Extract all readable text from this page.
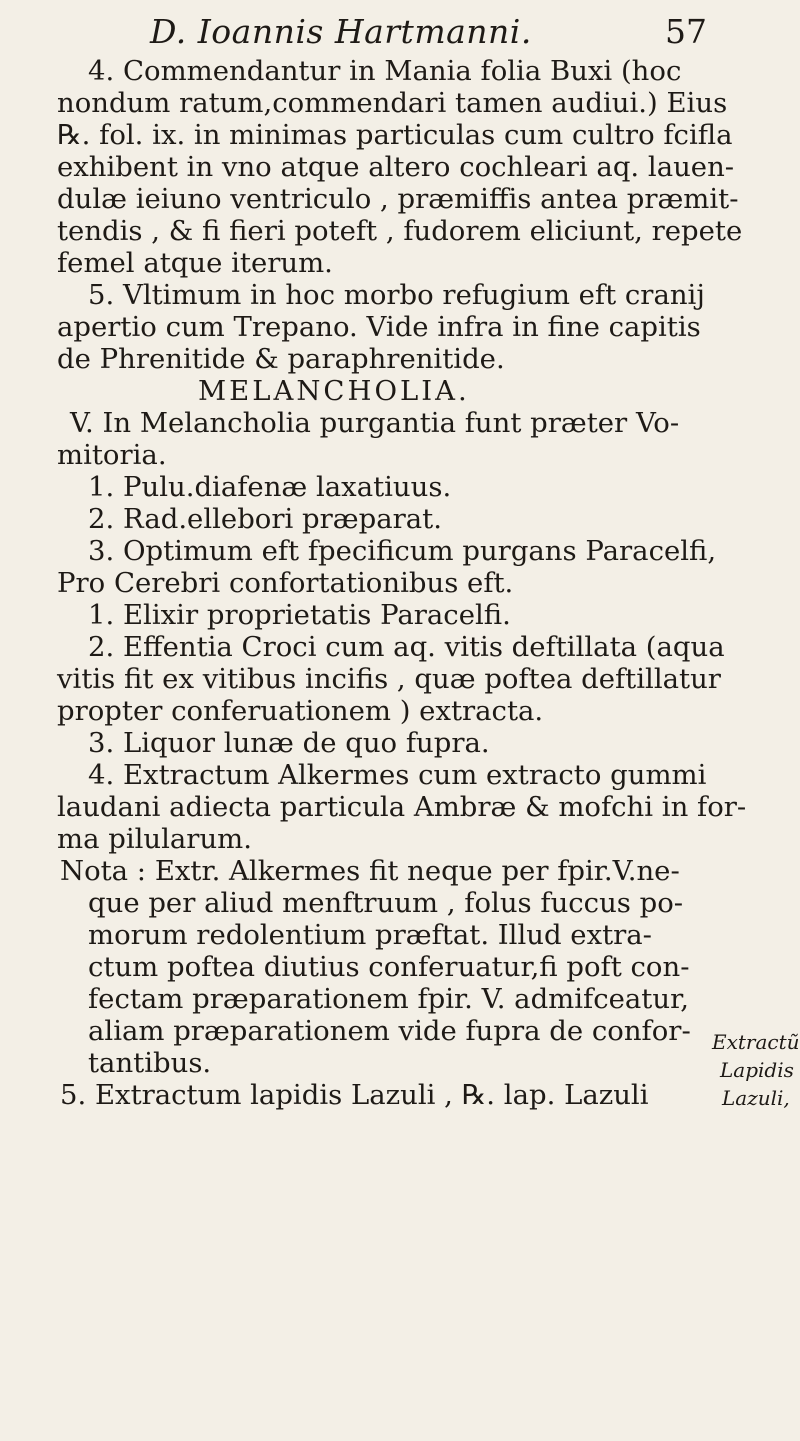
D. Ioannis Hartmanni.	57
4. Commendantur in Mania folia Buxi (hoc
nondum ratum,commendari tamen audiui.) Eius
℞. fol. ix. in minimas particulas cum cultro fcifla
exhibent in vno atque altero cochleari aq. lauen-
dulæ ieiuno ventriculo , præmiffis antea præmit-
tendis , & fi fieri poteft , fudorem eliciunt, repete
femel atque iterum.
5. Vltimum in hoc morbo refugium eft cranij
apertio cum Trepano. Vide infra in fine capitis
de Phrenitide & paraphrenitide.
MELANCHOLIA.
V. In Melancholia purgantia funt præter Vo-
mitoria.
1. Pulu.diafenæ laxatiuus.
2. Rad.ellebori præparat.
3. Optimum eft fpecificum purgans Paracelfi,
Pro Cerebri confortationibus eft.
1. Elixir proprietatis Paracelfi.
2. Effentia Croci cum aq. vitis deftillata (aqua
vitis fit ex vitibus incifis , quæ poftea deftillatur
propter conferuationem ) extracta.
3. Liquor lunæ de quo fupra.
4. Extractum Alkermes cum extracto gummi
laudani adiecta particula Ambræ & mofchi in for-
ma pilularum.
Nota : Extr. Alkermes fit neque per fpir.V.ne-
que per aliud menftruum , folus fuccus po-
morum redolentium præftat. Illud extra-
ctum poftea diutius conferuatur,fi poft con-
fectam præparationem fpir. V. admifceatur,
aliam præparationem vide fupra de confor-
tantibus.
5. Extractum lapidis Lazuli , ℞. lap. Lazuli
Extractũ
Lapidis
Lazuli,
